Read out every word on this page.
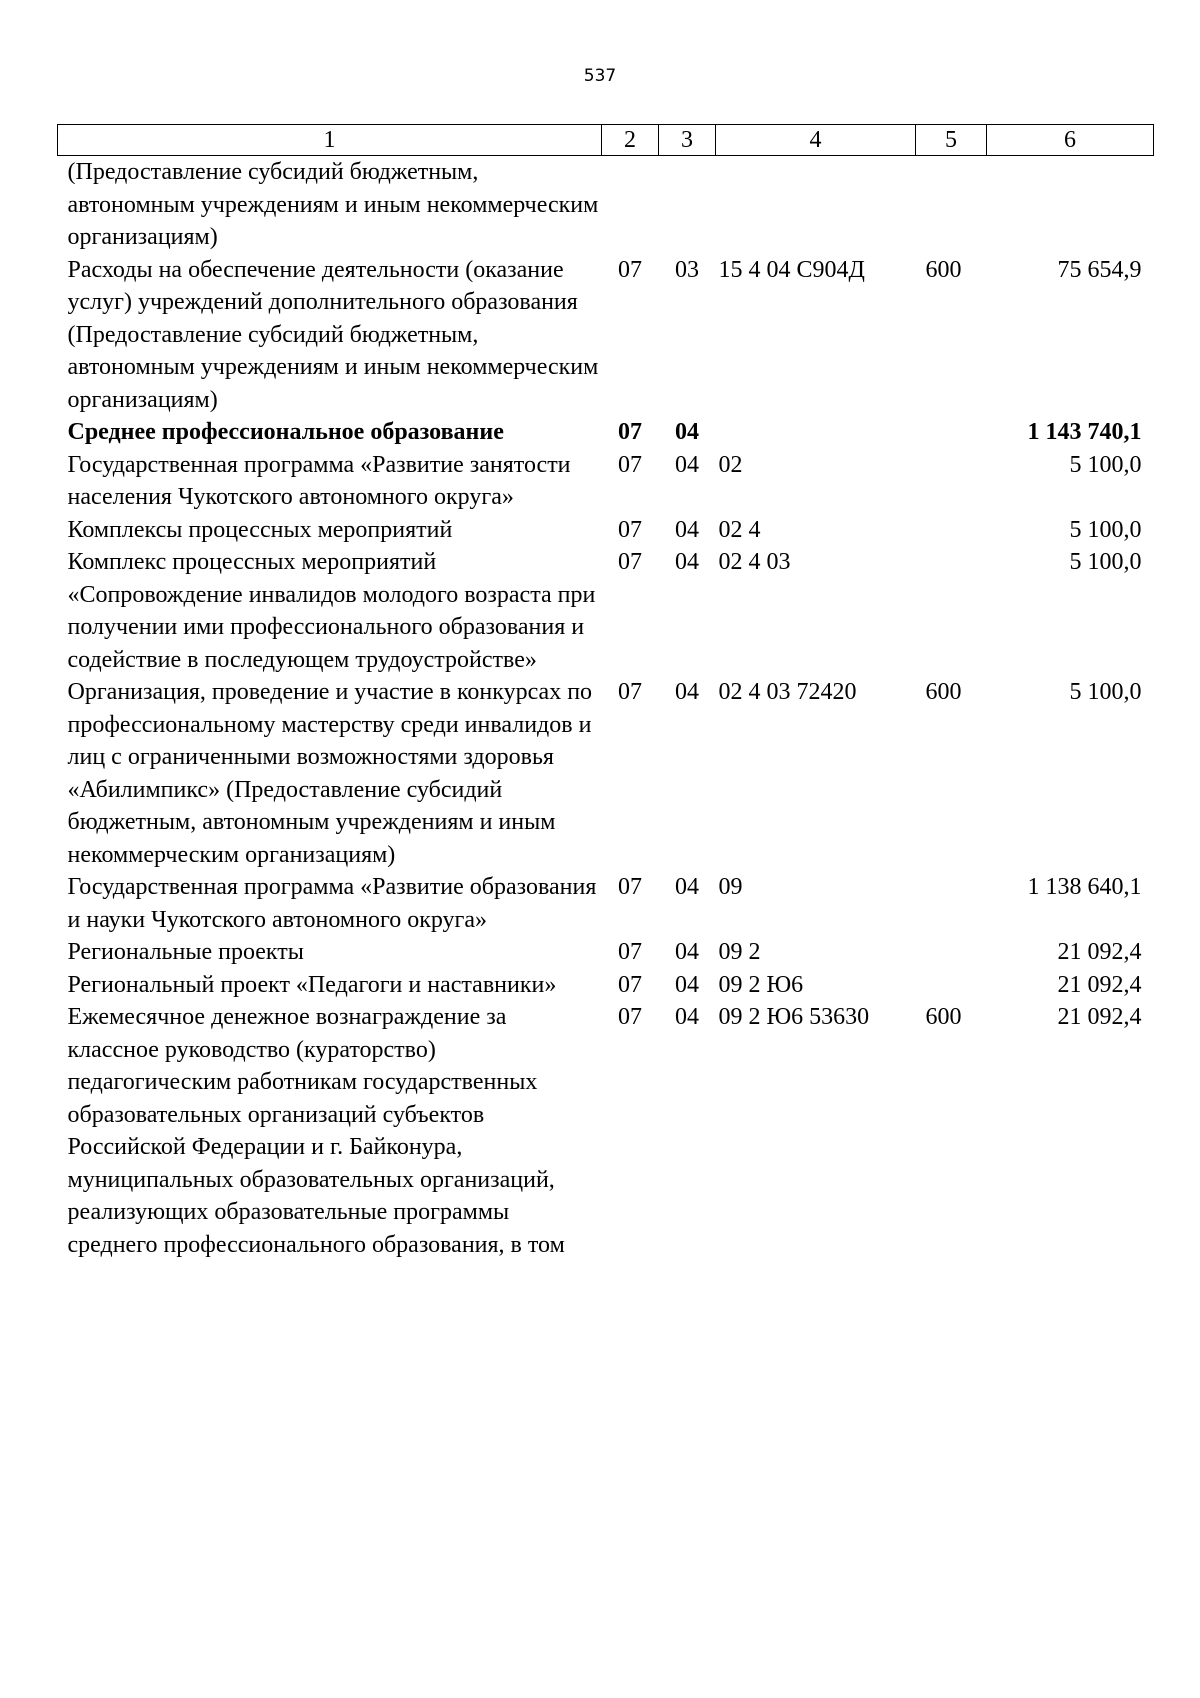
537
1	2	3	4	5	6
(Предоставление субсидий бюджетным, автономным учреждениям и иным некоммерческим организациям)					
Расходы на обеспечение деятельности (оказание услуг) учреждений дополнительного образования (Предоставление субсидий бюджетным, автономным учреждениям и иным некоммерческим организациям)	07	03	15 4 04 С904Д	600	75 654,9
Среднее профессиональное образование	07	04			1 143 740,1
Государственная программа «Развитие занятости населения Чукотского автономного округа»	07	04	02		5 100,0
Комплексы процессных мероприятий	07	04	02 4		5 100,0
Комплекс процессных мероприятий «Сопровождение инвалидов молодого возраста при получении ими профессионального образования и содействие в последующем трудоустройстве»	07	04	02 4 03		5 100,0
Организация, проведение и участие в конкурсах по профессиональному мастерству среди инвалидов и лиц с ограниченными возможностями здоровья «Абилимпикс» (Предоставление субсидий бюджетным, автономным учреждениям и иным некоммерческим организациям)	07	04	02 4 03 72420	600	5 100,0
Государственная программа «Развитие образования и науки Чукотского автономного округа»	07	04	09		1 138 640,1
Региональные проекты	07	04	09 2		21 092,4
Региональный проект «Педагоги и наставники»	07	04	09 2 Ю6		21 092,4
Ежемесячное денежное вознаграждение за классное руководство (кураторство) педагогическим работникам государственных образовательных организаций субъектов Российской Федерации и г. Байконура, муниципальных образовательных организаций, реализующих образовательные программы среднего профессионального образования, в том	07	04	09 2 Ю6 53630	600	21 092,4
